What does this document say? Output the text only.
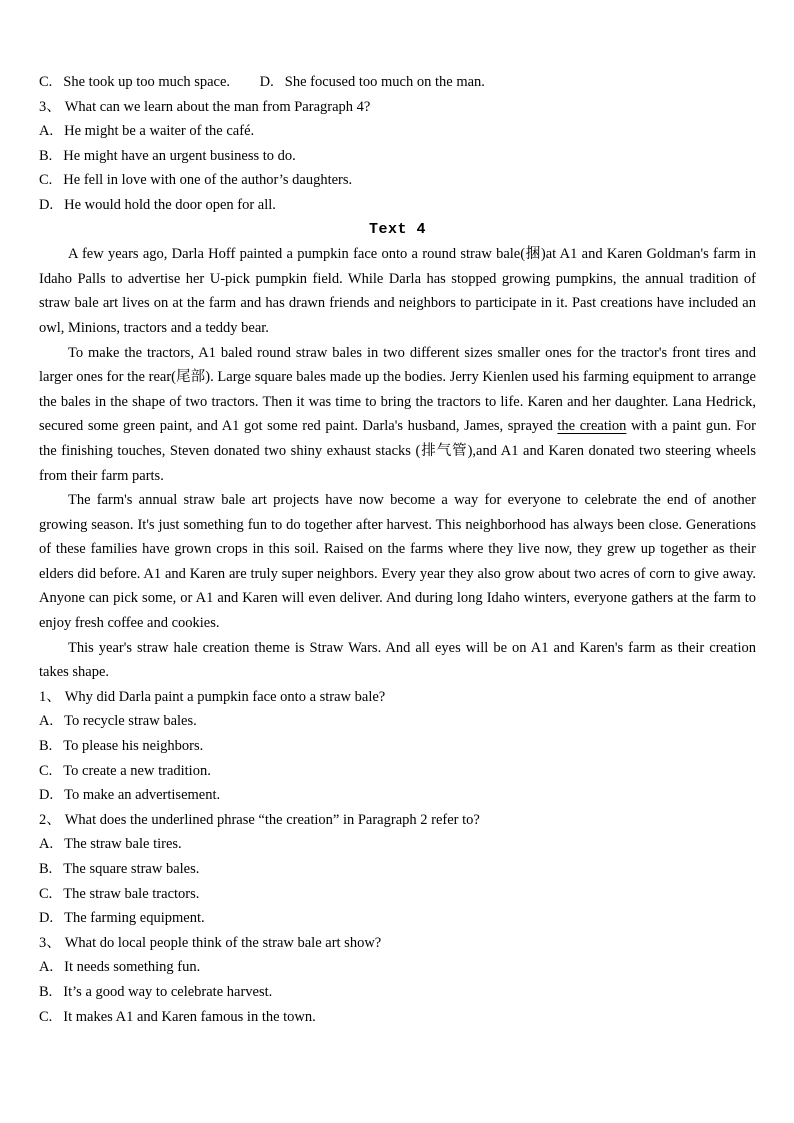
C. She took up too much space. D. She focused too much on the man.
3、 What can we learn about the man from Paragraph 4?
A. He might be a waiter of the café.
B. He might have an urgent business to do.
C. He fell in love with one of the author’s daughters.
D. He would hold the door open for all.
Text 4

A few years ago, Darla Hoff painted a pumpkin face onto a round straw bale(捆)at A1 and Karen Goldman's farm in Idaho Palls to advertise her U-pick pumpkin field. While Darla has stopped growing pumpkins, the annual tradition of straw bale art lives on at the farm and has drawn friends and neighbors to participate in it. Past creations have included an owl, Minions, tractors and a teddy bear.

To make the tractors, A1 baled round straw bales in two different sizes smaller ones for the tractor's front tires and larger ones for the rear(尾部). Large square bales made up the bodies. Jerry Kienlen used his farming equipment to arrange the bales in the shape of two tractors. Then it was time to bring the tractors to life. Karen and her daughter. Lana Hedrick, secured some green paint, and A1 got some red paint. Darla's husband, James, sprayed the creation with a paint gun. For the finishing touches, Steven donated two shiny exhaust stacks (排气管),and A1 and Karen donated two steering wheels from their farm parts.

The farm's annual straw bale art projects have now become a way for everyone to celebrate the end of another growing season. It's just something fun to do together after harvest. This neighborhood has always been close. Generations of these families have grown crops in this soil. Raised on the farms where they live now, they grew up together as their elders did before. A1 and Karen are truly super neighbors. Every year they also grow about two acres of corn to give away. Anyone can pick some, or A1 and Karen will even deliver. And during long Idaho winters, everyone gathers at the farm to enjoy fresh coffee and cookies.

This year's straw hale creation theme is Straw Wars. And all eyes will be on A1 and Karen's farm as their creation takes shape.

1、 Why did Darla paint a pumpkin face onto a straw bale?
A. To recycle straw bales.
B. To please his neighbors.
C. To create a new tradition.
D. To make an advertisement.
2、 What does the underlined phrase “the creation” in Paragraph 2 refer to?
A. The straw bale tires.
B. The square straw bales.
C. The straw bale tractors.
D. The farming equipment.
3、 What do local people think of the straw bale art show?
A. It needs something fun.
B. It’s a good way to celebrate harvest.
C. It makes A1 and Karen famous in the town.
